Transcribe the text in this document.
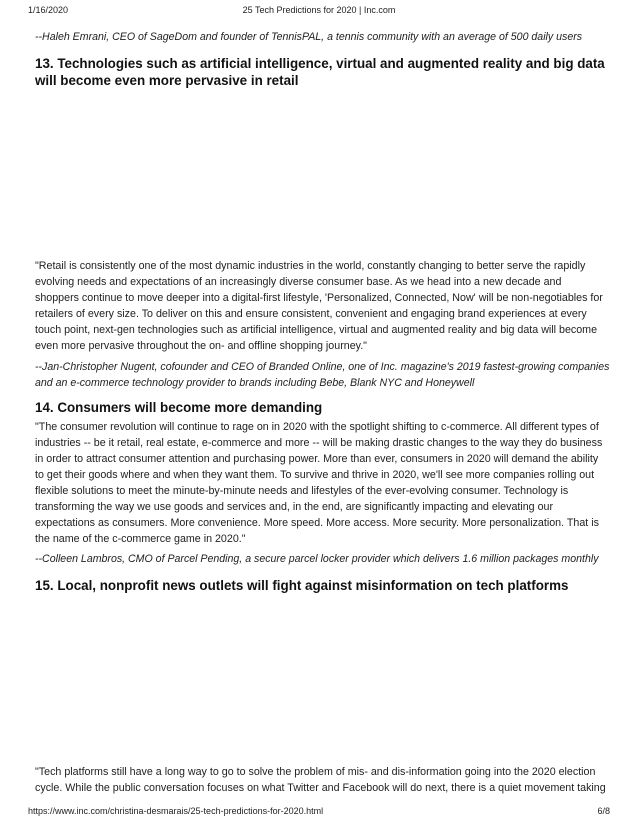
1/16/2020	25 Tech Predictions for 2020 | Inc.com
--Haleh Emrani, CEO of SageDom and founder of TennisPAL, a tennis community with an average of 500 daily users
13. Technologies such as artificial intelligence, virtual and augmented reality and big data will become even more pervasive in retail
"Retail is consistently one of the most dynamic industries in the world, constantly changing to better serve the rapidly evolving needs and expectations of an increasingly diverse consumer base. As we head into a new decade and shoppers continue to move deeper into a digital-first lifestyle, 'Personalized, Connected, Now' will be non-negotiables for retailers of every size. To deliver on this and ensure consistent, convenient and engaging brand experiences at every touch point, next-gen technologies such as artificial intelligence, virtual and augmented reality and big data will become even more pervasive throughout the on- and offline shopping journey."
--Jan-Christopher Nugent, cofounder and CEO of Branded Online, one of Inc. magazine's 2019 fastest-growing companies and an e-commerce technology provider to brands including Bebe, Blank NYC and Honeywell
14. Consumers will become more demanding
"The consumer revolution will continue to rage on in 2020 with the spotlight shifting to c-commerce. All different types of industries -- be it retail, real estate, e-commerce and more -- will be making drastic changes to the way they do business in order to attract consumer attention and purchasing power. More than ever, consumers in 2020 will demand the ability to get their goods where and when they want them. To survive and thrive in 2020, we'll see more companies rolling out flexible solutions to meet the minute-by-minute needs and lifestyles of the ever-evolving consumer. Technology is transforming the way we use goods and services and, in the end, are significantly impacting and elevating our expectations as consumers. More convenience. More speed. More access. More security. More personalization. That is the name of the c-commerce game in 2020."
--Colleen Lambros, CMO of Parcel Pending, a secure parcel locker provider which delivers 1.6 million packages monthly
15. Local, nonprofit news outlets will fight against misinformation on tech platforms
"Tech platforms still have a long way to go to solve the problem of mis- and dis-information going into the 2020 election cycle. While the public conversation focuses on what Twitter and Facebook will do next, there is a quiet movement taking
https://www.inc.com/christina-desmarais/25-tech-predictions-for-2020.html	6/8
